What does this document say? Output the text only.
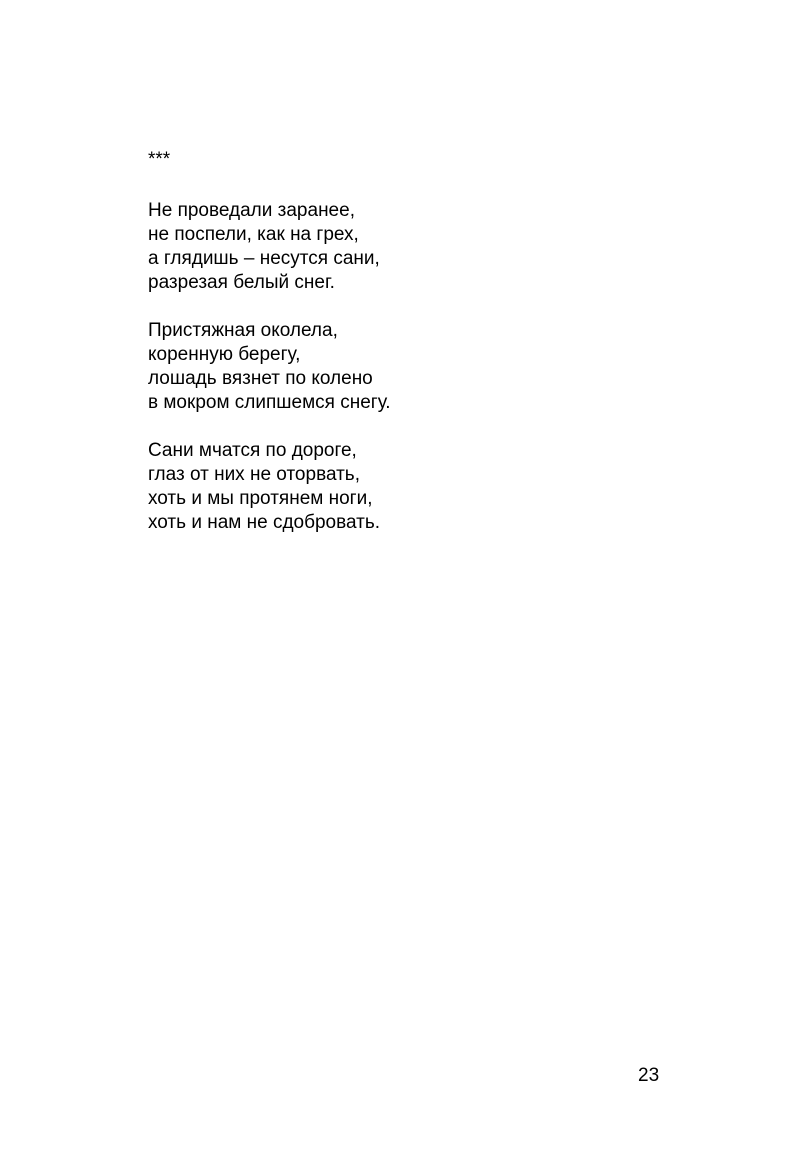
***
Не проведали заранее,
не поспели, как на грех,
а глядишь – несутся сани,
разрезая белый снег.
Пристяжная околела,
коренную берегу,
лошадь вязнет по колено
в мокром слипшемся снегу.
Сани мчатся по дороге,
глаз от них не оторвать,
хоть и мы протянем ноги,
хоть и нам не сдобровать.
23
